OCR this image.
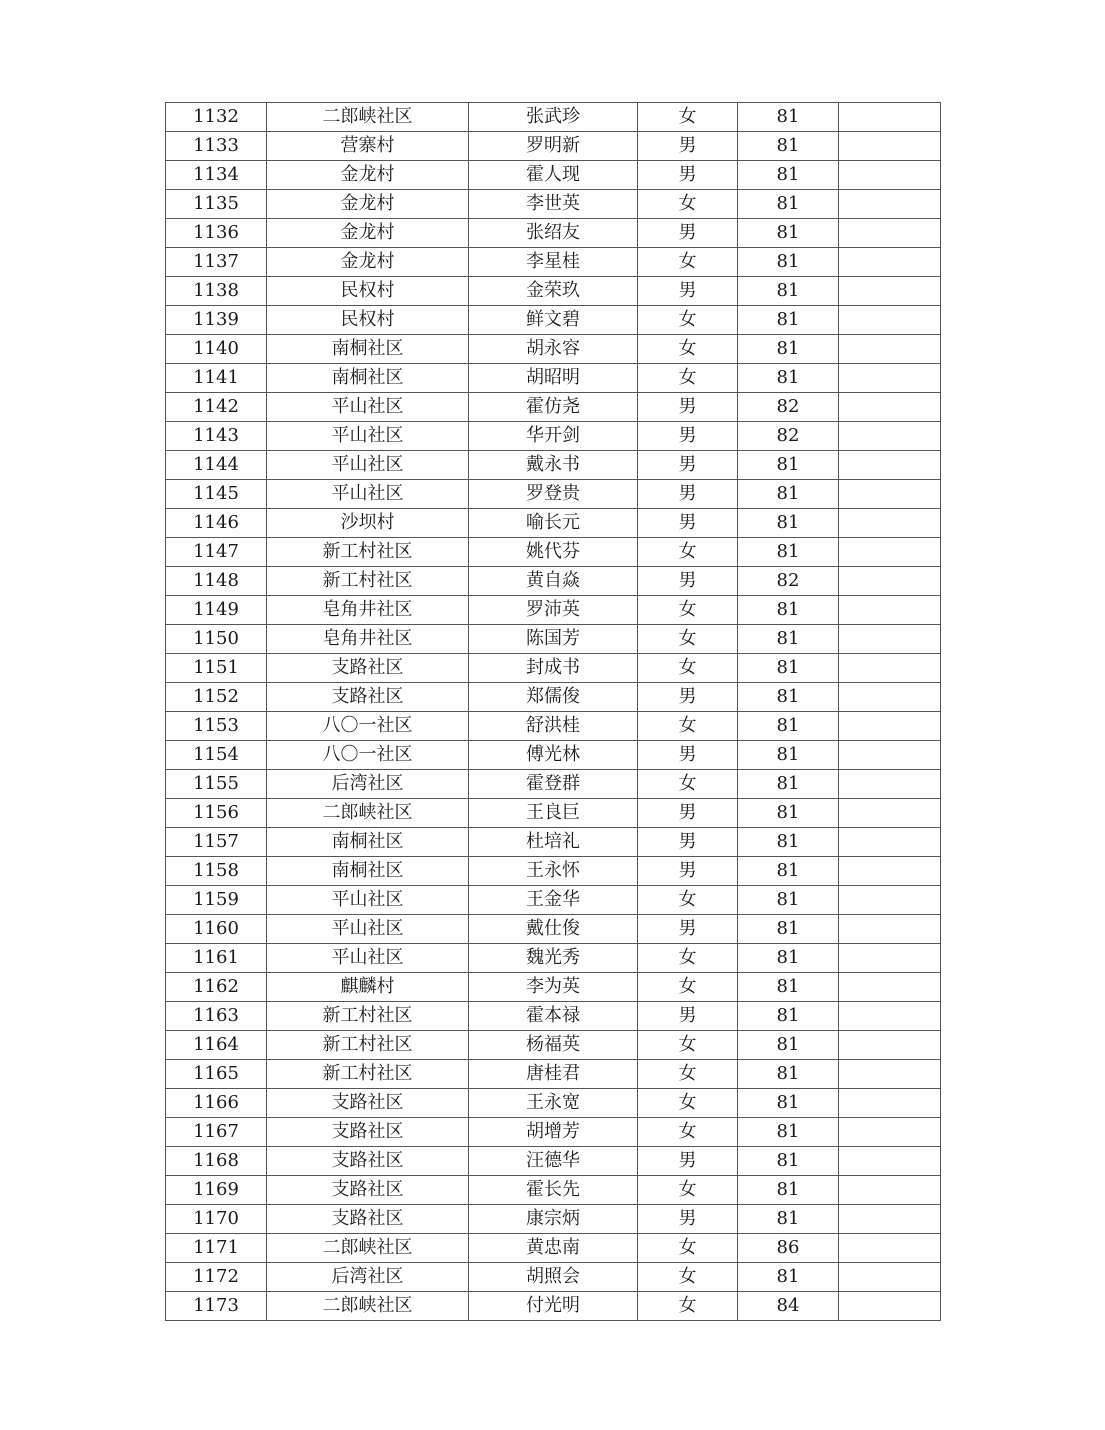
1132	二郎峡社区	张武珍	女	81	
1133	营寨村	罗明新	男	81	
1134	金龙村	霍人现	男	81	
1135	金龙村	李世英	女	81	
1136	金龙村	张绍友	男	81	
1137	金龙村	李星桂	女	81	
1138	民权村	金荣玖	男	81	
1139	民权村	鲜文碧	女	81	
1140	南桐社区	胡永容	女	81	
1141	南桐社区	胡昭明	女	81	
1142	平山社区	霍仿尧	男	82	
1143	平山社区	华开剑	男	82	
1144	平山社区	戴永书	男	81	
1145	平山社区	罗登贵	男	81	
1146	沙坝村	喻长元	男	81	
1147	新工村社区	姚代芬	女	81	
1148	新工村社区	黄自焱	男	82	
1149	皂角井社区	罗沛英	女	81	
1150	皂角井社区	陈国芳	女	81	
1151	支路社区	封成书	女	81	
1152	支路社区	郑儒俊	男	81	
1153	八〇一社区	舒洪桂	女	81	
1154	八〇一社区	傅光林	男	81	
1155	后湾社区	霍登群	女	81	
1156	二郎峡社区	王良巨	男	81	
1157	南桐社区	杜培礼	男	81	
1158	南桐社区	王永怀	男	81	
1159	平山社区	王金华	女	81	
1160	平山社区	戴仕俊	男	81	
1161	平山社区	魏光秀	女	81	
1162	麒麟村	李为英	女	81	
1163	新工村社区	霍本禄	男	81	
1164	新工村社区	杨福英	女	81	
1165	新工村社区	唐桂君	女	81	
1166	支路社区	王永宽	女	81	
1167	支路社区	胡增芳	女	81	
1168	支路社区	汪德华	男	81	
1169	支路社区	霍长先	女	81	
1170	支路社区	康宗炳	男	81	
1171	二郎峡社区	黄忠南	女	86	
1172	后湾社区	胡照会	女	81	
1173	二郎峡社区	付光明	女	84	
